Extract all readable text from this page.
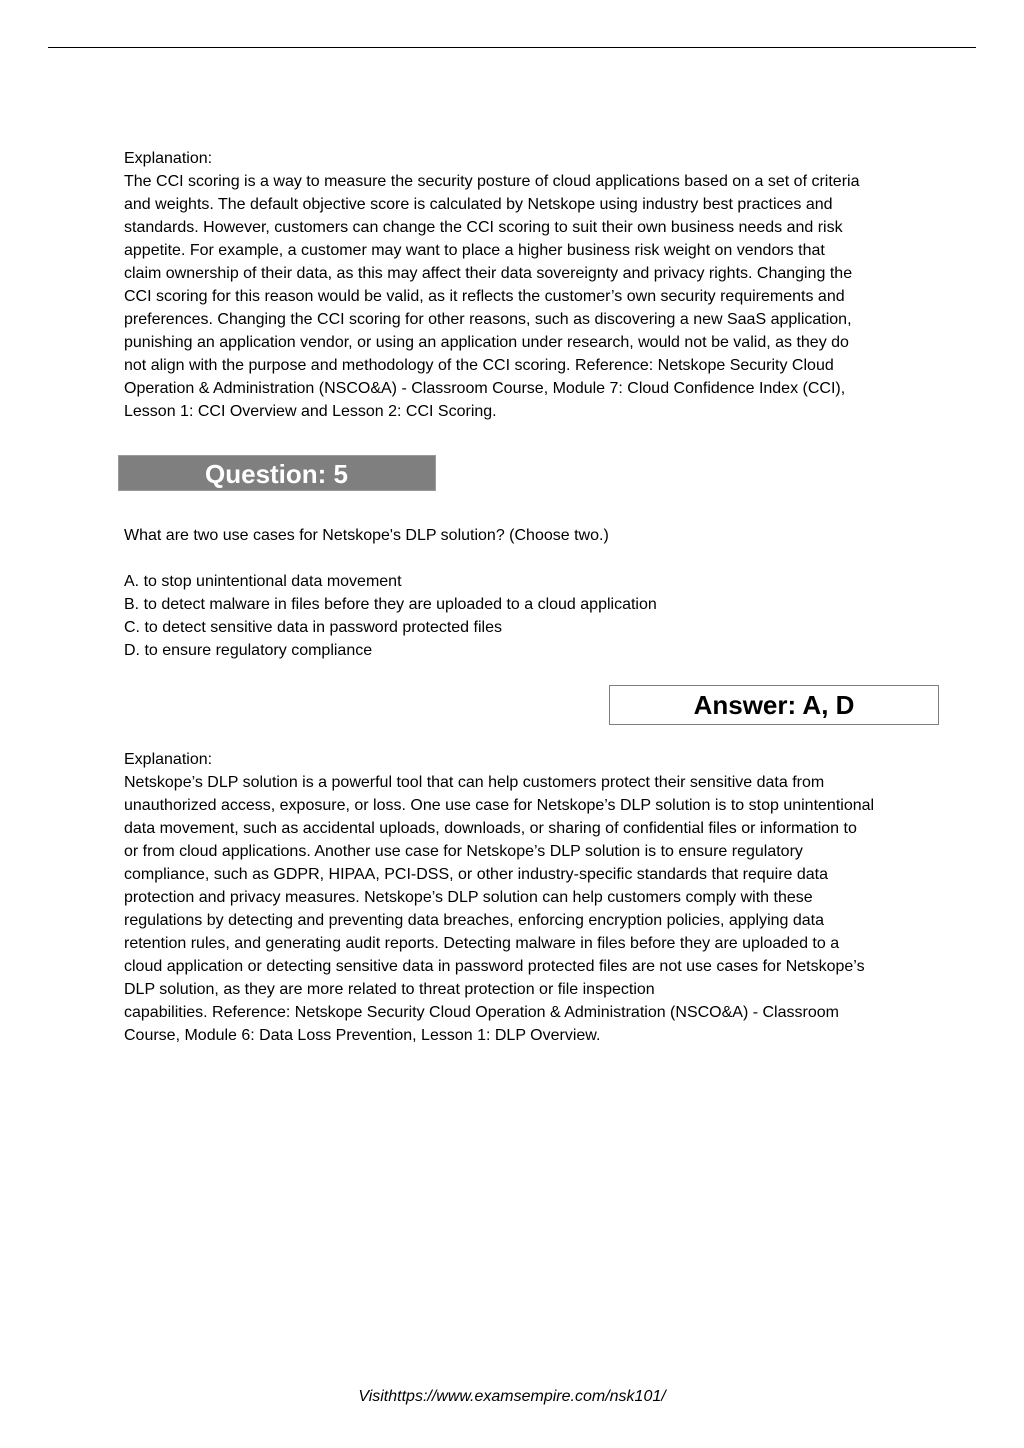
Explanation:

The CCI scoring is a way to measure the security posture of cloud applications based on a set of criteria

and weights. The default objective score is calculated by Netskope using industry best practices and

standards. However, customers can change the CCI scoring to suit their own business needs and risk

appetite. For example, a customer may want to place a higher business risk weight on vendors that

claim ownership of their data, as this may affect their data sovereignty and privacy rights. Changing the

CCI scoring for this reason would be valid, as it reflects the customer’s own security requirements and

preferences. Changing the CCI scoring for other reasons, such as discovering a new SaaS application,

punishing an application vendor, or using an application under research, would not be valid, as they do

not align with the purpose and methodology of the CCI scoring. Reference: Netskope Security Cloud

Operation & Administration (NSCO&A) - Classroom Course, Module 7: Cloud Confidence Index (CCI),

Lesson 1: CCI Overview and Lesson 2: CCI Scoring.

Question: 5

What are two use cases for Netskope's DLP solution? (Choose two.)

A. to stop unintentional data movement

B. to detect malware in files before they are uploaded to a cloud application

C. to detect sensitive data in password protected files

D. to ensure regulatory compliance

Answer: A, D

Explanation:

Netskope’s DLP solution is a powerful tool that can help customers protect their sensitive data from

unauthorized access, exposure, or loss. One use case for Netskope’s DLP solution is to stop unintentional

data movement, such as accidental uploads, downloads, or sharing of confidential files or information to

or from cloud applications. Another use case for Netskope’s DLP solution is to ensure regulatory

compliance, such as GDPR, HIPAA, PCI-DSS, or other industry-specific standards that require data

protection and privacy measures. Netskope’s DLP solution can help customers comply with these

regulations by detecting and preventing data breaches, enforcing encryption policies, applying data

retention rules, and generating audit reports. Detecting malware in files before they are uploaded to a

cloud application or detecting sensitive data in password protected files are not use cases for Netskope’s

DLP solution, as they are more related to threat protection or file inspection

capabilities. Reference: Netskope Security Cloud Operation & Administration (NSCO&A) - Classroom

Course, Module 6: Data Loss Prevention, Lesson 1: DLP Overview.

Visithttps://www.examsempire.com/nsk101/
